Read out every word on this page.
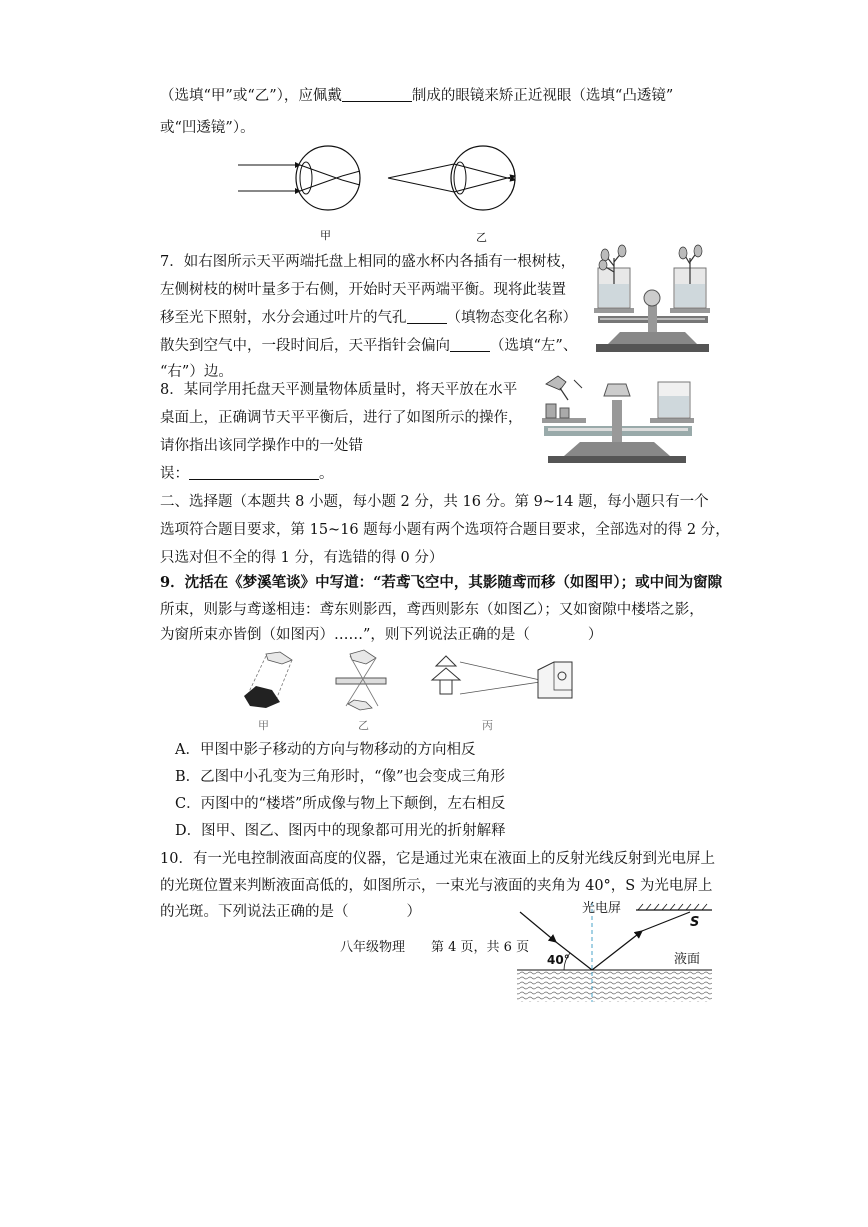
（选填“甲”或“乙”），应佩戴	制成的眼镜来矫正近视眼（选填“凸透镜”
或“凹透镜”）。
甲	乙
7．如右图所示天平两端托盘上相同的盛水杯内各插有一根树枝，
左侧树枝的树叶量多于右侧，开始时天平两端平衡。现将此装置
移至光下照射，水分会通过叶片的气孔	（填物态变化名称）
散失到空气中，一段时间后，天平指针会偏向	（选填“左”、
“右”）边。
8．某同学用托盘天平测量物体质量时，将天平放在水平
桌面上，正确调节天平平衡后，进行了如图所示的操作，
请你指出该同学操作中的一处错
误：	。
二、选择题（本题共 8 小题，每小题 2 分，共 16 分。第 9~14 题，每小题只有一个
选项符合题目要求，第 15~16 题每小题有两个选项符合题目要求，全部选对的得 2 分，
只选对但不全的得 1 分，有选错的得 0 分）
9．沈括在《梦溪笔谈》中写道：“若鸢飞空中，其影随鸢而移（如图甲）；或中间为窗隙
所束，则影与鸢遂相违：鸢东则影西，鸢西则影东（如图乙）；又如窗隙中楼塔之影，
为窗所束亦皆倒（如图丙）……”，则下列说法正确的是（　　　　）
甲	乙	丙
A．甲图中影子移动的方向与物移动的方向相反
B．乙图中小孔变为三角形时，“像”也会变成三角形
C．丙图中的“楼塔”所成像与物上下颠倒，左右相反
D．图甲、图乙、图丙中的现象都可用光的折射解释
10．有一光电控制液面高度的仪器，它是通过光束在液面上的反射光线反射到光电屏上
的光斑位置来判断液面高低的，如图所示，一束光与液面的夹角为 40°，S 为光电屏上
的光斑。下列说法正确的是（　　　　）	光电屏
S
40°	液面
八年级物理　　第 4 页，共 6 页
